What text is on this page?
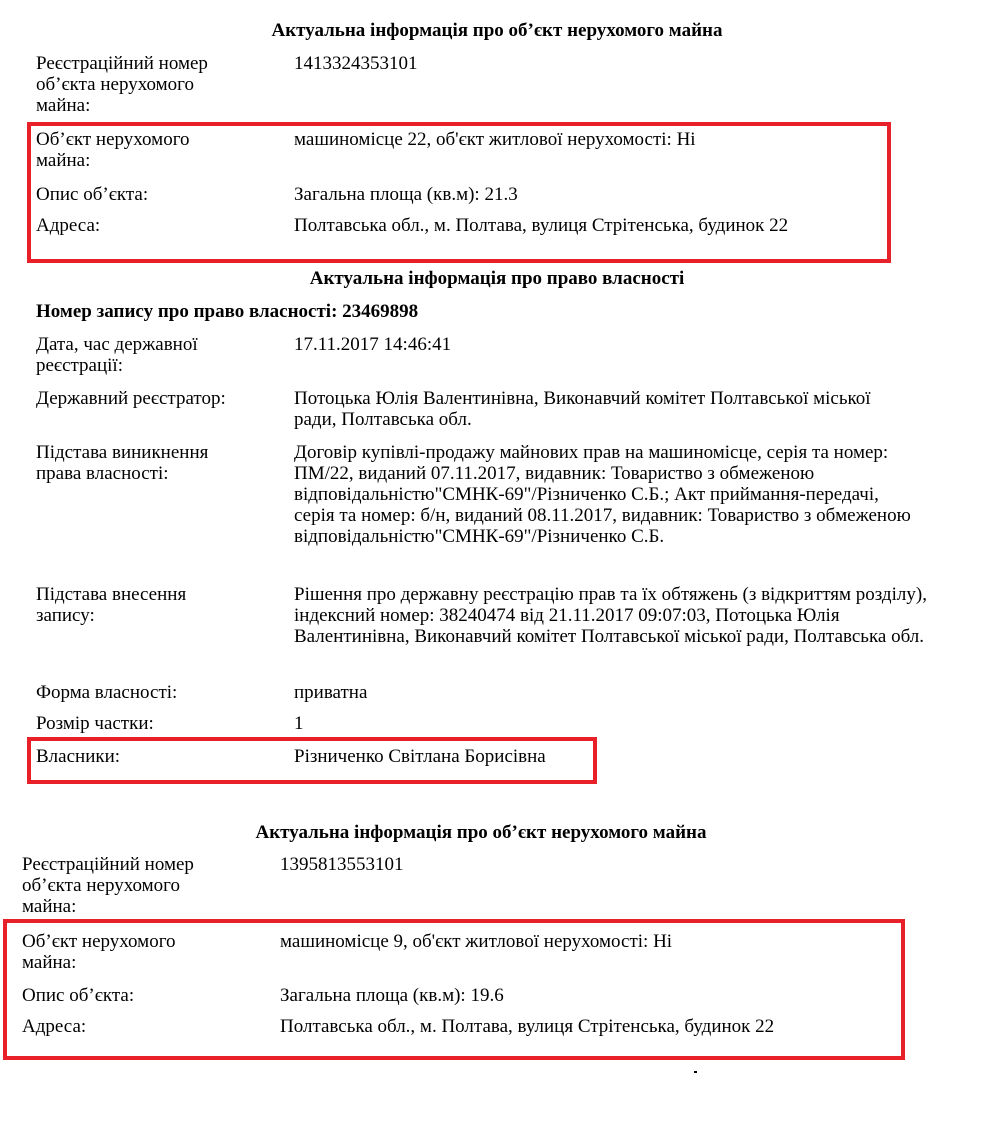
Актуальна інформація про об’єкт нерухомого майна
Реєстраційний номер об’єкта нерухомого майна:
1413324353101
Об’єкт нерухомого майна:
машиномісце 22, об'єкт житлової нерухомості: Ні
Опис об’єкта:	Загальна площа (кв.м): 21.3
Адреса:	Полтавська обл., м. Полтава, вулиця Стрітенська, будинок 22
Актуальна інформація про право власності
Номер запису про право власності: 23469898
Дата, час державної реєстрації:
17.11.2017 14:46:41
Державний реєстратор:	Потоцька Юлія Валентинівна, Виконавчий комітет Полтавської міської ради, Полтавська обл.
Підстава виникнення права власності:
Договір купівлі-продажу майнових прав на машиномісце, серія та номер: ПМ/22, виданий 07.11.2017, видавник: Товариство з обмеженою відповідальністю"СМНК-69"/Різниченко С.Б.; Акт приймання-передачі, серія та номер: б/н, виданий 08.11.2017, видавник: Товариство з обмеженою відповідальністю"СМНК-69"/Різниченко С.Б.
Підстава внесення запису:
Рішення про державну реєстрацію прав та їх обтяжень (з відкриттям розділу), індексний номер: 38240474 від 21.11.2017 09:07:03, Потоцька Юлія Валентинівна, Виконавчий комітет Полтавської міської ради, Полтавська обл.
Форма власності:	приватна
Розмір частки:	1
Власники:	Різниченко Світлана Борисівна
Актуальна інформація про об’єкт нерухомого майна
Реєстраційний номер об’єкта нерухомого майна:
1395813553101
Об’єкт нерухомого майна:
машиномісце 9, об'єкт житлової нерухомості: Ні
Опис об’єкта:	Загальна площа (кв.м): 19.6
Адреса:	Полтавська обл., м. Полтава, вулиця Стрітенська, будинок 22
